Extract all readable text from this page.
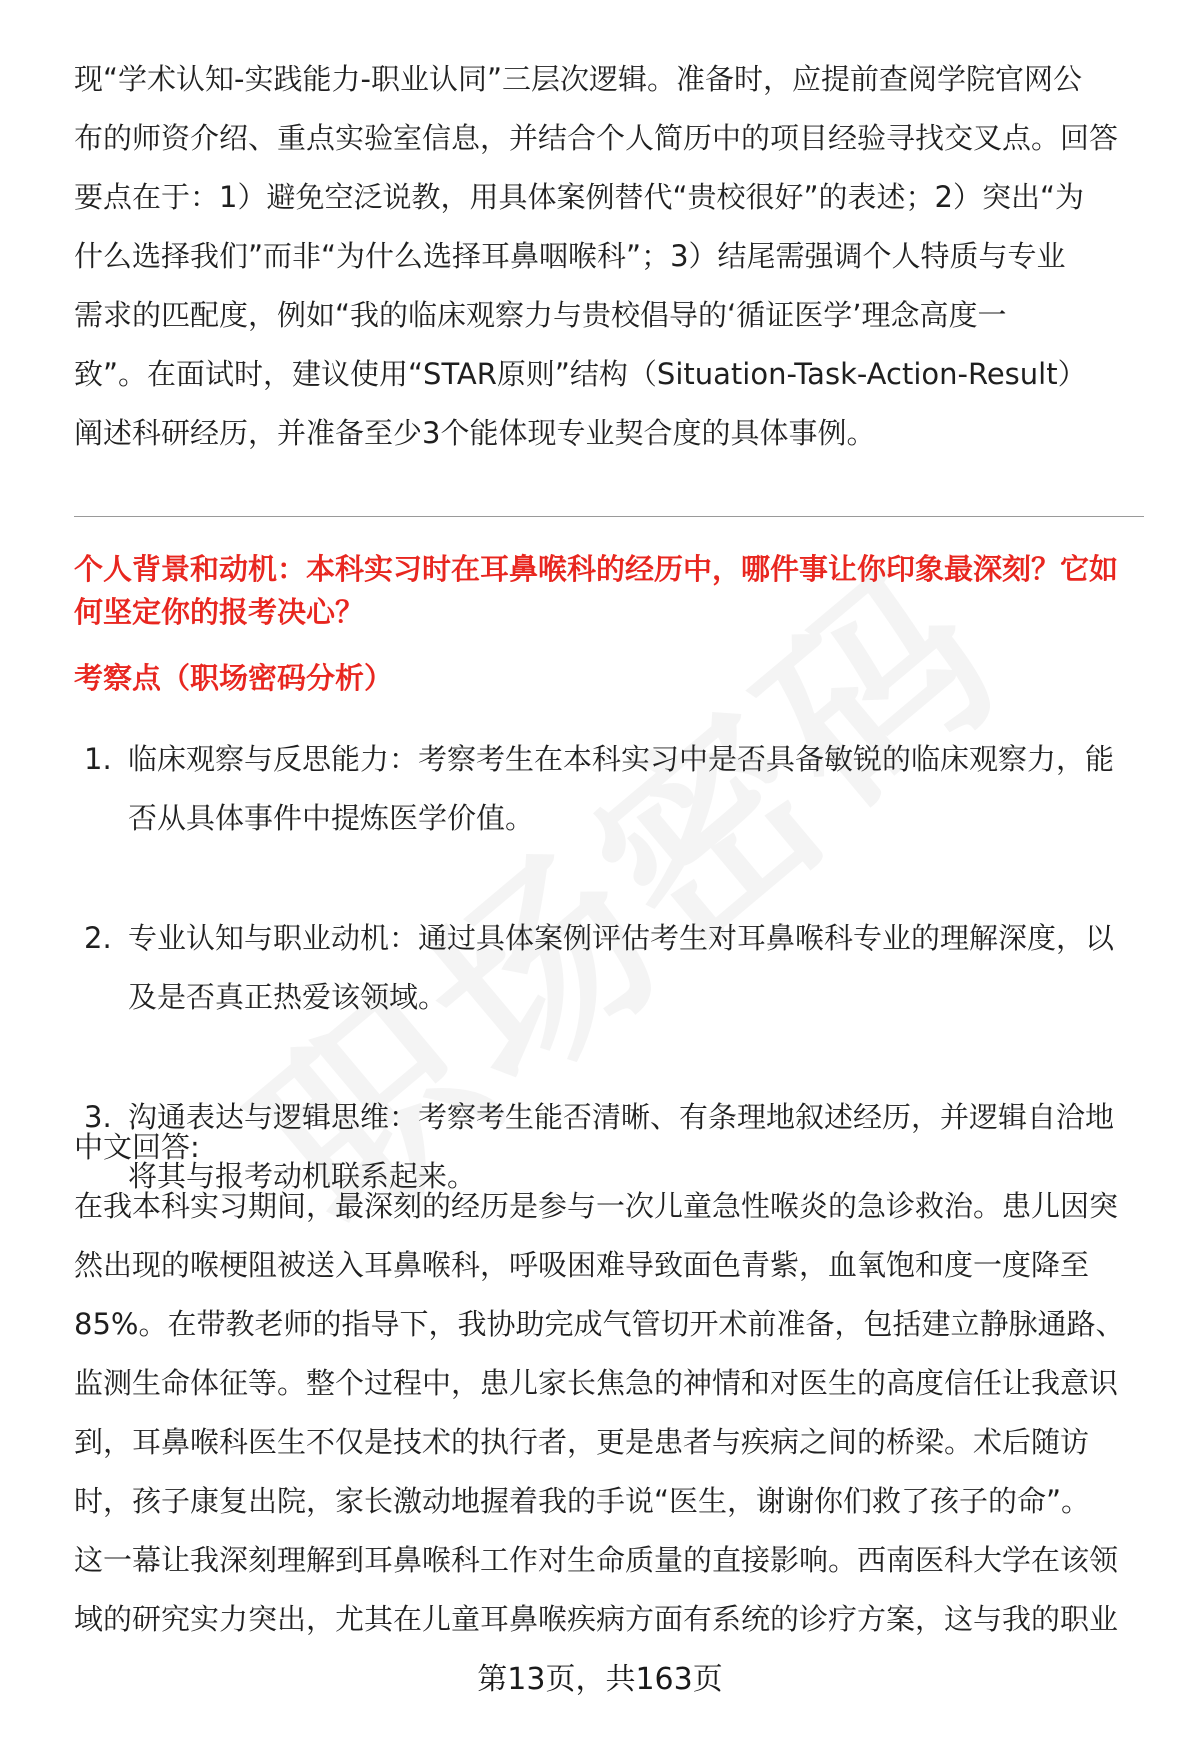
现“学术认知-实践能力-职业认同”三层次逻辑。准备时，应提前查阅学院官网公
布的师资介绍、重点实验室信息，并结合个人简历中的项目经验寻找交叉点。回答
要点在于：1）避免空泛说教，用具体案例替代“贵校很好”的表述；2）突出“为
什么选择我们”而非“为什么选择耳鼻咽喉科”；3）结尾需强调个人特质与专业
需求的匹配度，例如“我的临床观察力与贵校倡导的‘循证医学’理念高度一
致”。在面试时，建议使用“STAR原则”结构（Situation-Task-Action-Result）
阐述科研经历，并准备至少3个能体现专业契合度的具体事例。
个人背景和动机：本科实习时在耳鼻喉科的经历中，哪件事让你印象最深刻？它如
何坚定你的报考决心？
考察点（职场密码分析）
1. 临床观察与反思能力：考察考生在本科实习中是否具备敏锐的临床观察力，能
否从具体事件中提炼医学价值。
2. 专业认知与职业动机：通过具体案例评估考生对耳鼻喉科专业的理解深度，以
及是否真正热爱该领域。
3. 沟通表达与逻辑思维：考察考生能否清晰、有条理地叙述经历，并逻辑自洽地
将其与报考动机联系起来。
中文回答:
在我本科实习期间，最深刻的经历是参与一次儿童急性喉炎的急诊救治。患儿因突
然出现的喉梗阻被送入耳鼻喉科，呼吸困难导致面色青紫，血氧饱和度一度降至
85%。在带教老师的指导下，我协助完成气管切开术前准备，包括建立静脉通路、
监测生命体征等。整个过程中，患儿家长焦急的神情和对医生的高度信任让我意识
到，耳鼻喉科医生不仅是技术的执行者，更是患者与疾病之间的桥梁。术后随访
时，孩子康复出院，家长激动地握着我的手说“医生，谢谢你们救了孩子的命”。
这一幕让我深刻理解到耳鼻喉科工作对生命质量的直接影响。西南医科大学在该领
域的研究实力突出，尤其在儿童耳鼻喉疾病方面有系统的诊疗方案，这与我的职业
第13页，共163页
